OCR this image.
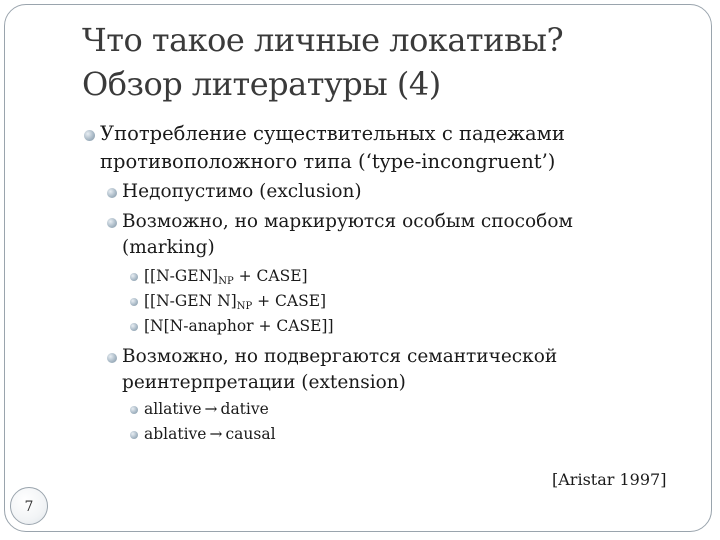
Что такое личные локативы?
Обзор литературы (4)
Употребление существительных с падежами
противоположного типа (‘type-incongruent’)
Недопустимо (exclusion)
Возможно, но маркируются особым способом
(marking)
[$[N-GEN]_{NP}$ + CASE]
[[N-GEN $N]_{NP}$ + CASE]
[N[N-anaphor + CASE]]
Возможно, но подвергаются семантической
реинтерпретации (extension)
allative → dative
ablative → causal
[Aristar 1997]
7
